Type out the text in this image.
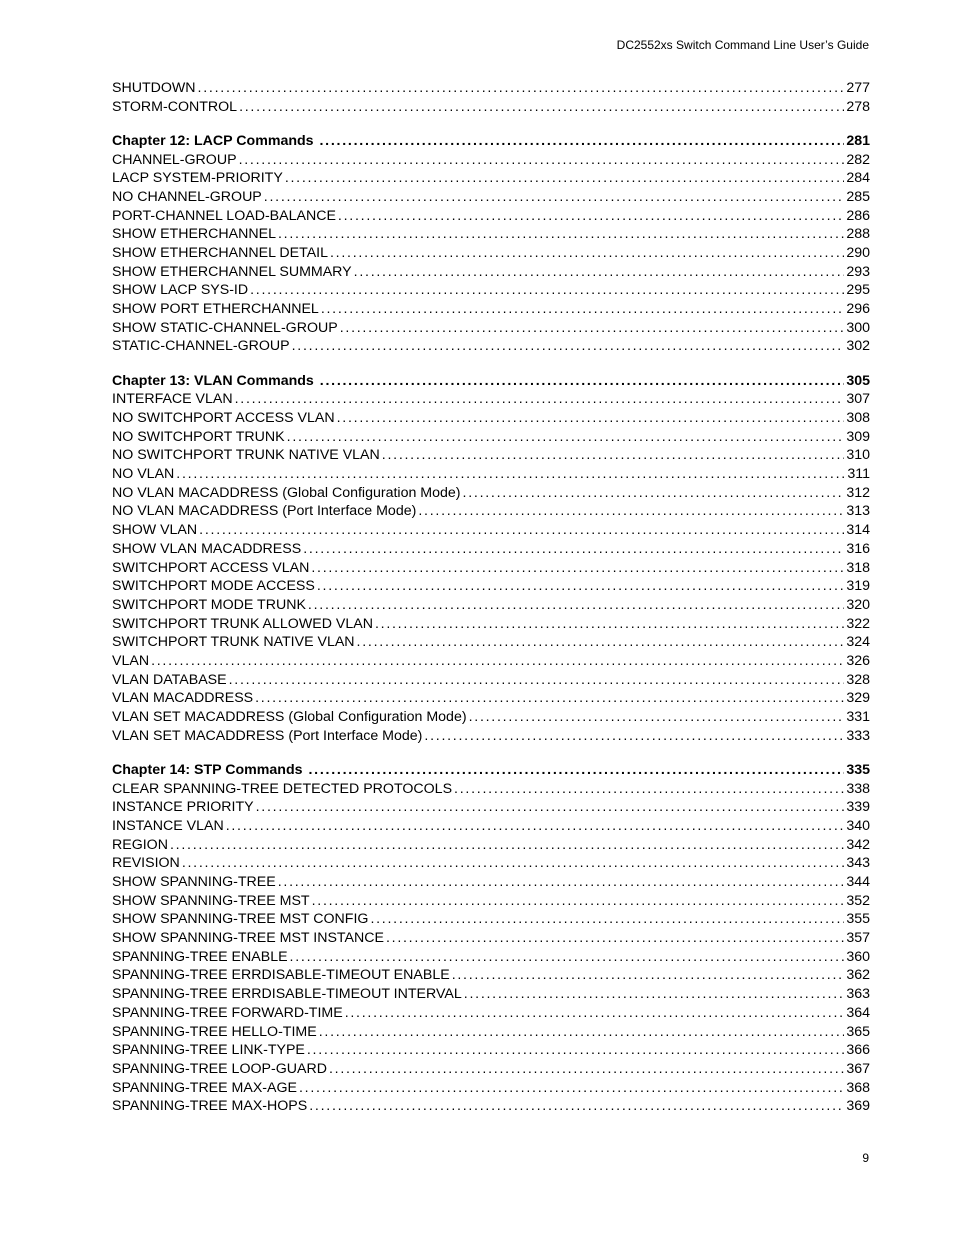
DC2552xs Switch Command Line User’s Guide
SHUTDOWN . . .	277
STORM-CONTROL . . .	278
Chapter 12: LACP Commands . . .	281
CHANNEL-GROUP . . .	282
LACP SYSTEM-PRIORITY . . .	284
NO CHANNEL-GROUP . . .	285
PORT-CHANNEL LOAD-BALANCE . . .	286
SHOW ETHERCHANNEL . . .	288
SHOW ETHERCHANNEL DETAIL . . .	290
SHOW ETHERCHANNEL SUMMARY . . .	293
SHOW LACP SYS-ID . . .	295
SHOW PORT ETHERCHANNEL . . .	296
SHOW STATIC-CHANNEL-GROUP . . .	300
STATIC-CHANNEL-GROUP . . .	302
Chapter 13: VLAN Commands . . .	305
INTERFACE VLAN . . .	307
NO SWITCHPORT ACCESS VLAN . . .	308
NO SWITCHPORT TRUNK . . .	309
NO SWITCHPORT TRUNK NATIVE VLAN . . .	310
NO VLAN . . .	311
NO VLAN MACADDRESS (Global Configuration Mode) . . .	312
NO VLAN MACADDRESS (Port Interface Mode) . . .	313
SHOW VLAN . . .	314
SHOW VLAN MACADDRESS . . .	316
SWITCHPORT ACCESS VLAN . . .	318
SWITCHPORT MODE ACCESS . . .	319
SWITCHPORT MODE TRUNK . . .	320
SWITCHPORT TRUNK ALLOWED VLAN . . .	322
SWITCHPORT TRUNK NATIVE VLAN . . .	324
VLAN . . .	326
VLAN DATABASE . . .	328
VLAN MACADDRESS . . .	329
VLAN SET MACADDRESS (Global Configuration Mode) . . .	331
VLAN SET MACADDRESS (Port Interface Mode) . . .	333
Chapter 14: STP Commands . . .	335
CLEAR SPANNING-TREE DETECTED PROTOCOLS . . .	338
INSTANCE PRIORITY . . .	339
INSTANCE VLAN . . .	340
REGION . . .	342
REVISION . . .	343
SHOW SPANNING-TREE . . .	344
SHOW SPANNING-TREE MST . . .	352
SHOW SPANNING-TREE MST CONFIG . . .	355
SHOW SPANNING-TREE MST INSTANCE . . .	357
SPANNING-TREE ENABLE . . .	360
SPANNING-TREE ERRDISABLE-TIMEOUT ENABLE . . .	362
SPANNING-TREE ERRDISABLE-TIMEOUT INTERVAL . . .	363
SPANNING-TREE FORWARD-TIME . . .	364
SPANNING-TREE HELLO-TIME . . .	365
SPANNING-TREE LINK-TYPE . . .	366
SPANNING-TREE LOOP-GUARD . . .	367
SPANNING-TREE MAX-AGE . . .	368
SPANNING-TREE MAX-HOPS . . .	369
9
